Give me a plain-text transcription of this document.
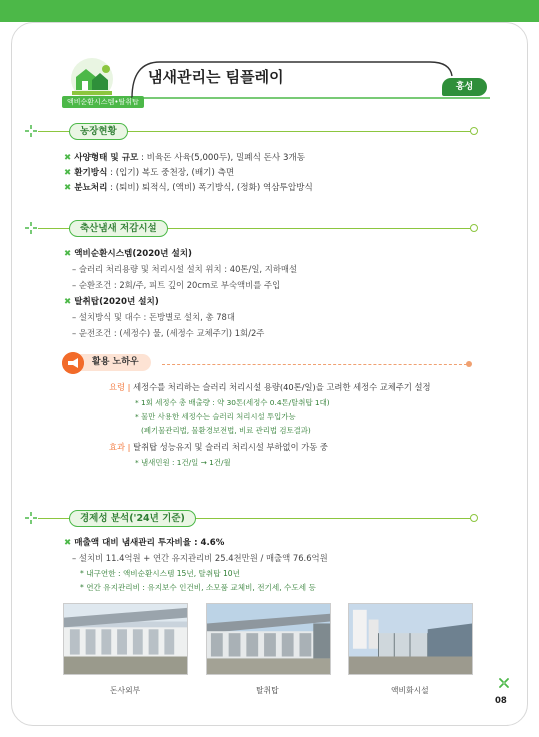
액비순환시스템•탈취탑
냄새관리는 팀플레이
홍성
농장현황
✖ 사양형태 및 규모 : 비육돈 사육(5,000두), 밀폐식 돈사 3개동
✖ 환기방식 : (입기) 복도 중천장, (배기) 측면
✖ 분뇨처리 : (퇴비) 퇴적식, (액비) 폭기방식, (정화) 역삼투압방식
축산냄새 저감시설
✖ 액비순환시스템(2020년 설치)
– 슬러리 처리용량 및 처리시설 설치 위치 : 40톤/일, 지하매설
– 순환조건 : 2회/주, 피트 깊이 20cm로 부숙액비를 주입
✖ 탈취탑(2020년 설치)
– 설치방식 및 대수 : 돈방별로 설치, 총 78대
– 운전조건 : (세정수) 물, (세정수 교체주기) 1회/2주
활용 노하우
요령 | 세정수를 처리하는 슬러리 처리시설 용량(40톤/일)을 고려한 세정수 교체주기 설정
* 1회 세정수 총 배출량 : 약 30톤(세정수 0.4톤/탈취탑 1대)
* 물만 사용한 세정수는 슬러리 처리시설 투입가능
(폐기물관리법, 물환경보전법, 비료 관리법 검토결과)
효과 | 탈취탑 성능유지 및 슬러리 처리시설 부하없이 가동 중
* 냄새민원 : 1건/일 → 1건/월
경제성 분석('24년 기준)
✖ 매출액 대비 냄새관리 투자비율 : 4.6%
– 설치비 11.4억원 + 연간 유지관리비 25.4천만원 / 매출액 76.6억원
* 내구연한 : 액비순환시스템 15년, 탈취탑 10년
* 연간 유지관리비 : 유지보수 인건비, 소모품 교체비, 전기세, 수도세 등
돈사외부	탈취탑	액비화시설
08
